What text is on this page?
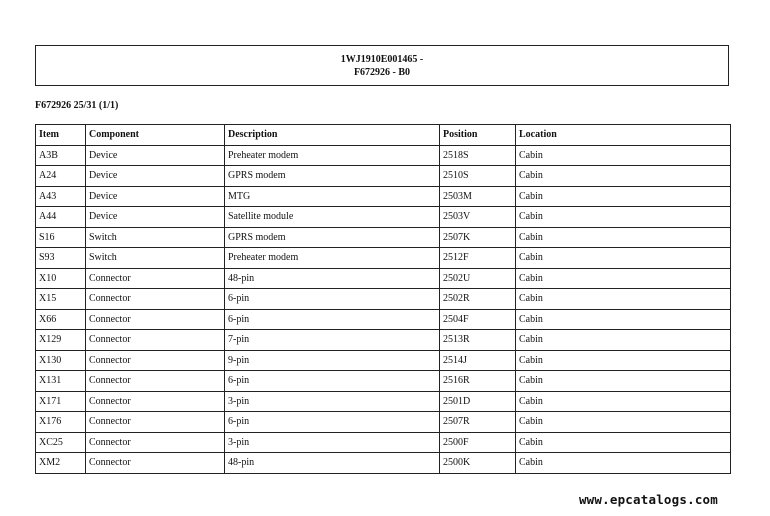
1WJ1910E001465 -
F672926 - B0
F672926 25/31 (1/1)
Item	Component	Description	Position	Location
A3B	Device	Preheater modem	2518S	Cabin
A24	Device	GPRS modem	2510S	Cabin
A43	Device	MTG	2503M	Cabin
A44	Device	Satellite module	2503V	Cabin
S16	Switch	GPRS modem	2507K	Cabin
S93	Switch	Preheater modem	2512F	Cabin
X10	Connector	48-pin	2502U	Cabin
X15	Connector	6-pin	2502R	Cabin
X66	Connector	6-pin	2504F	Cabin
X129	Connector	7-pin	2513R	Cabin
X130	Connector	9-pin	2514J	Cabin
X131	Connector	6-pin	2516R	Cabin
X171	Connector	3-pin	2501D	Cabin
X176	Connector	6-pin	2507R	Cabin
XC25	Connector	3-pin	2500F	Cabin
XM2	Connector	48-pin	2500K	Cabin
www.epcatalogs.com
